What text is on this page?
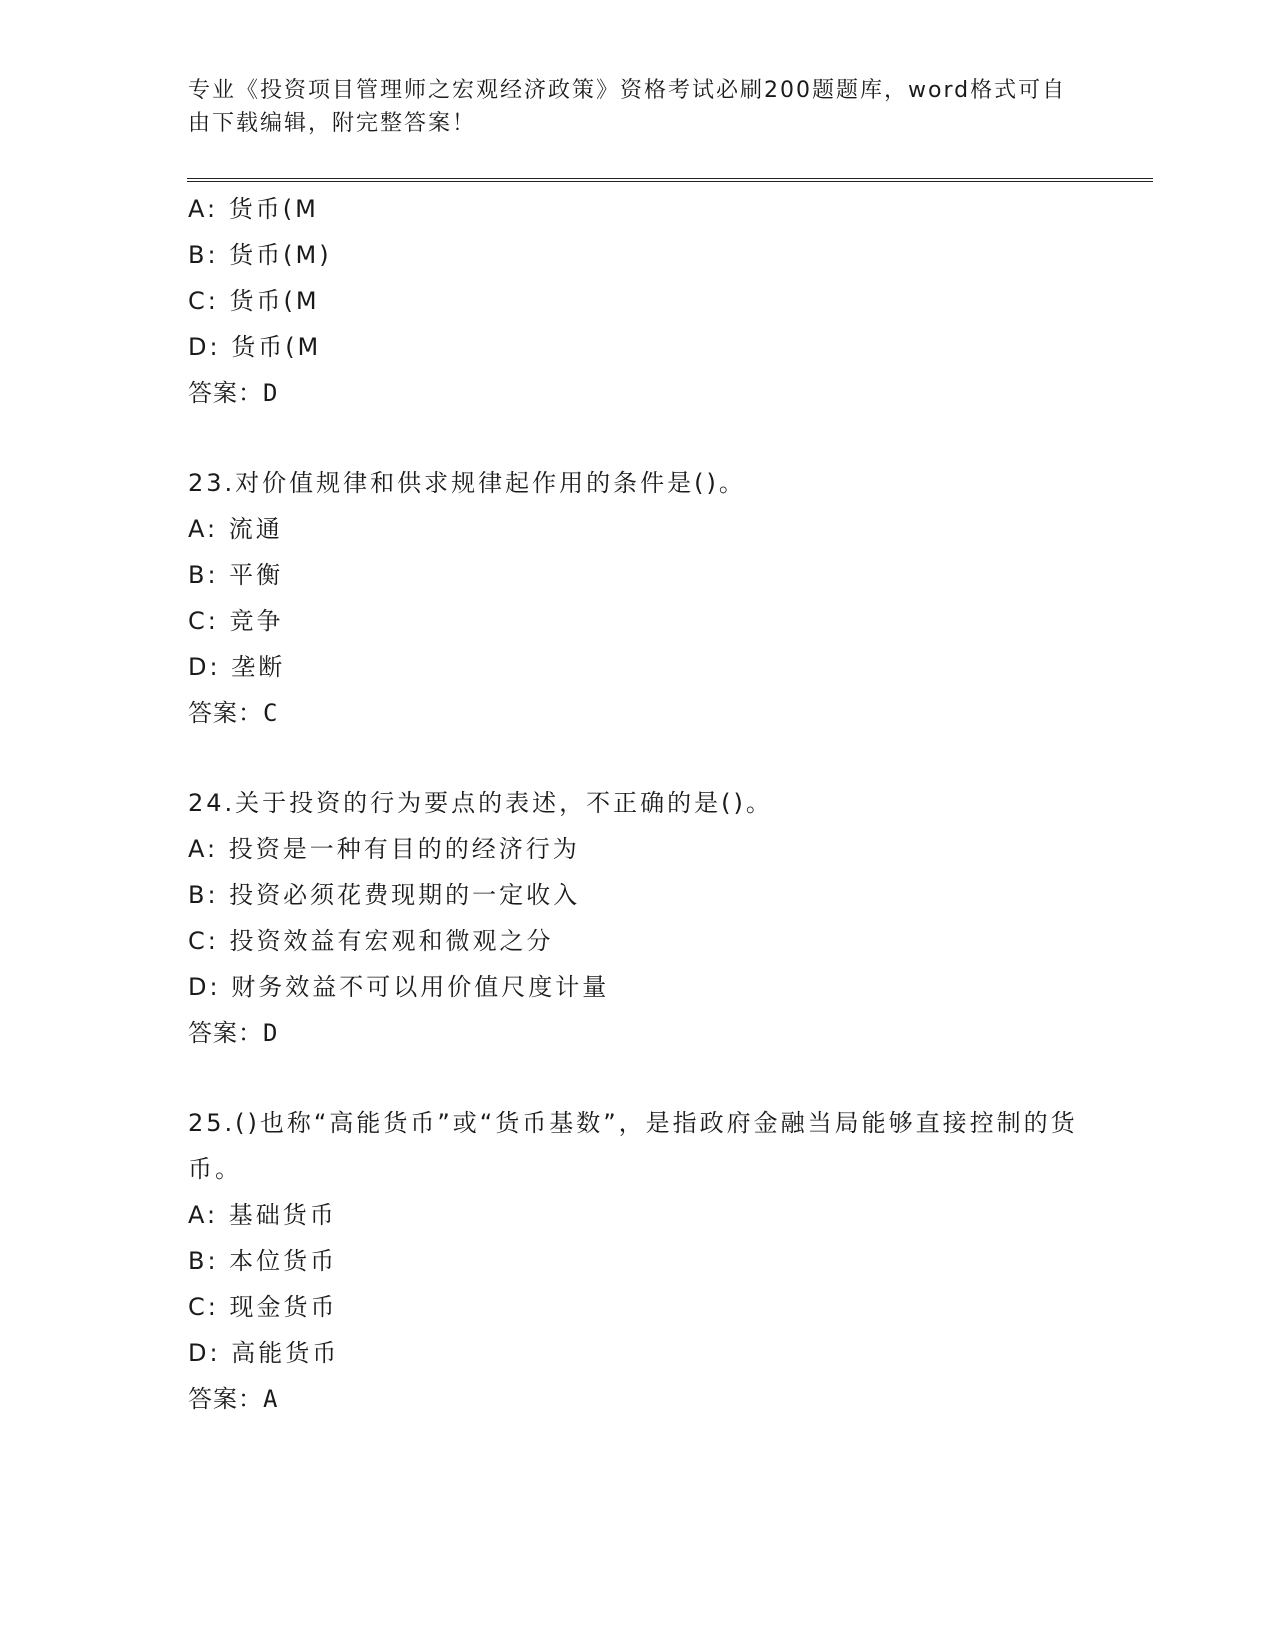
专业《投资项目管理师之宏观经济政策》资格考试必刷200题题库，word格式可自由下载编辑，附完整答案！
A: 货币(M
B: 货币(M)
C: 货币(M
D: 货币(M
答案：D
23.对价值规律和供求规律起作用的条件是()。
A: 流通
B: 平衡
C: 竞争
D: 垄断
答案：C
24.关于投资的行为要点的表述，不正确的是()。
A: 投资是一种有目的的经济行为
B: 投资必须花费现期的一定收入
C: 投资效益有宏观和微观之分
D: 财务效益不可以用价值尺度计量
答案：D
25.()也称“高能货币”或“货币基数”，是指政府金融当局能够直接控制的货币。
A: 基础货币
B: 本位货币
C: 现金货币
D: 高能货币
答案：A
